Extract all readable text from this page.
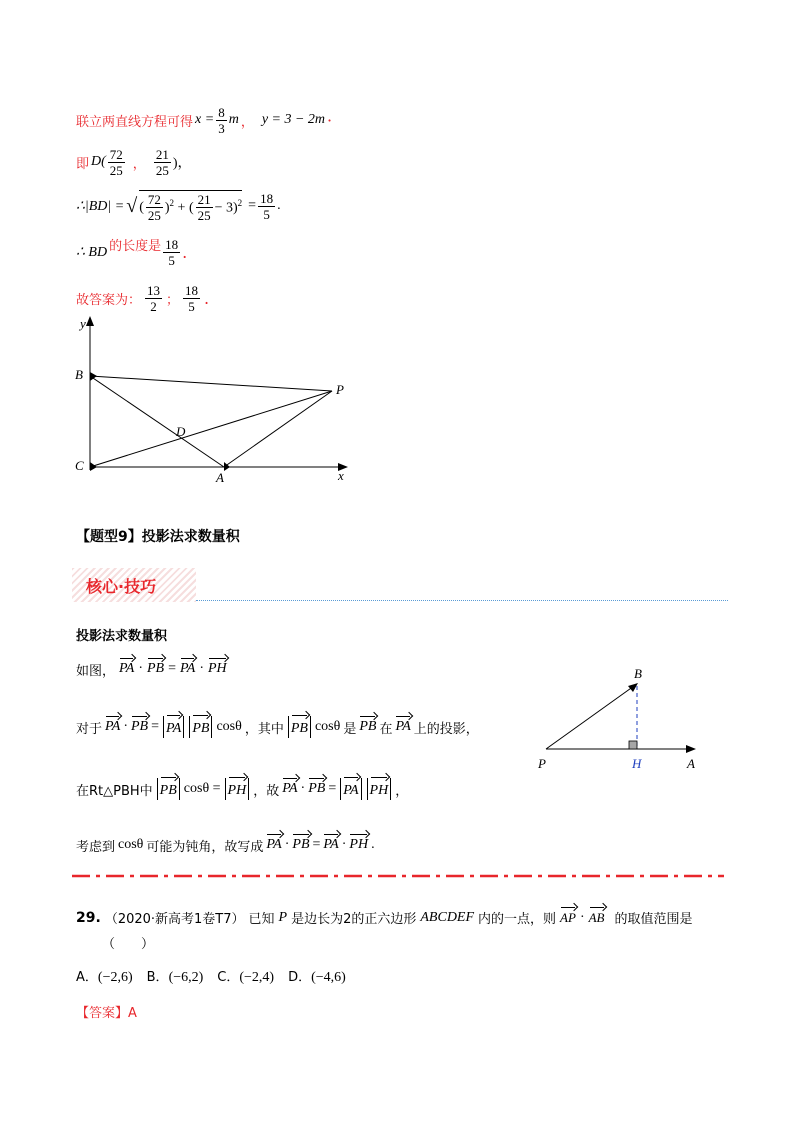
联立两直线方程可得 $x = \frac{8}{3}$ m ， y = 3 − 2m ·
即 $D( \frac{72}{25}$ ， $\frac{21}{25}$ )，
∴|BD| = √ ( $\frac{72}{25} )^2$ + ( $\frac{21}{25} - 3)^2 = \frac{18}{5}$ .
∴ BD 的长度是 $\frac{18}{5}$ .
故答案为： $\frac{13}{2}$ ； $\frac{18}{5}$ .
y
x
B
P
D
C
A
【题型9】投影法求数量积
核心·技巧
投影法求数量积
如图， PA · PB = PA · PH
对于 PA · PB = PA PB cosθ ，其中 PB cosθ 是 PB 在 PA 上的投影，
在Rt△PBH中 PB cosθ = PH ，故 PA · PB = PA PH ，
考虑到 cosθ 可能为钝角，故写成 PA · PB = PA · PH .
B
P	H	A
29. （2020·新高考1卷T7） 已知 P 是边长为2的正六边形 ABCDEF 内的一点，则 AP · AB 的取值范围是
（　　）
A．(−2,6) B．(−6,2) C．(−2,4) D．(−4,6)
【答案】A
